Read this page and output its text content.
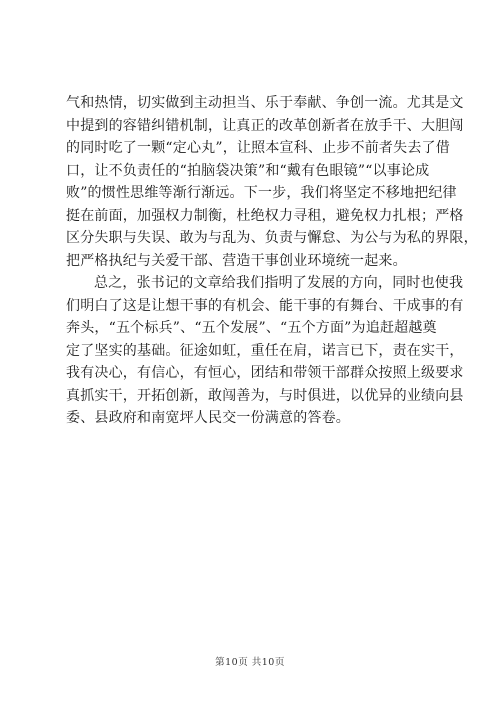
气和热情，切实做到主动担当、乐于奉献、争创一流。尤其是文
中提到的容错纠错机制，让真正的改革创新者在放手干、大胆闯
的同时吃了一颗“定心丸”，让照本宣科、止步不前者失去了借
口，让不负责任的“拍脑袋决策”和“戴有色眼镜”“以事论成
败”的惯性思维等渐行渐远。下一步，我们将坚定不移地把纪律
挺在前面，加强权力制衡，杜绝权力寻租，避免权力扎根；严格
区分失职与失误、敢为与乱为、负责与懈怠、为公与为私的界限，
把严格执纪与关爱干部、营造干事创业环境统一起来。

总之，张书记的文章给我们指明了发展的方向，同时也使我
们明白了这是让想干事的有机会、能干事的有舞台、干成事的有
奔头，“五个标兵”、“五个发展”、“五个方面”为追赶超越奠
定了坚实的基础。征途如虹，重任在肩，诺言已下，责在实干，
我有决心，有信心，有恒心，团结和带领干部群众按照上级要求
真抓实干，开拓创新，敢闯善为，与时俱进，以优异的业绩向县
委、县政府和南宽坪人民交一份满意的答卷。

第10页 共10页
